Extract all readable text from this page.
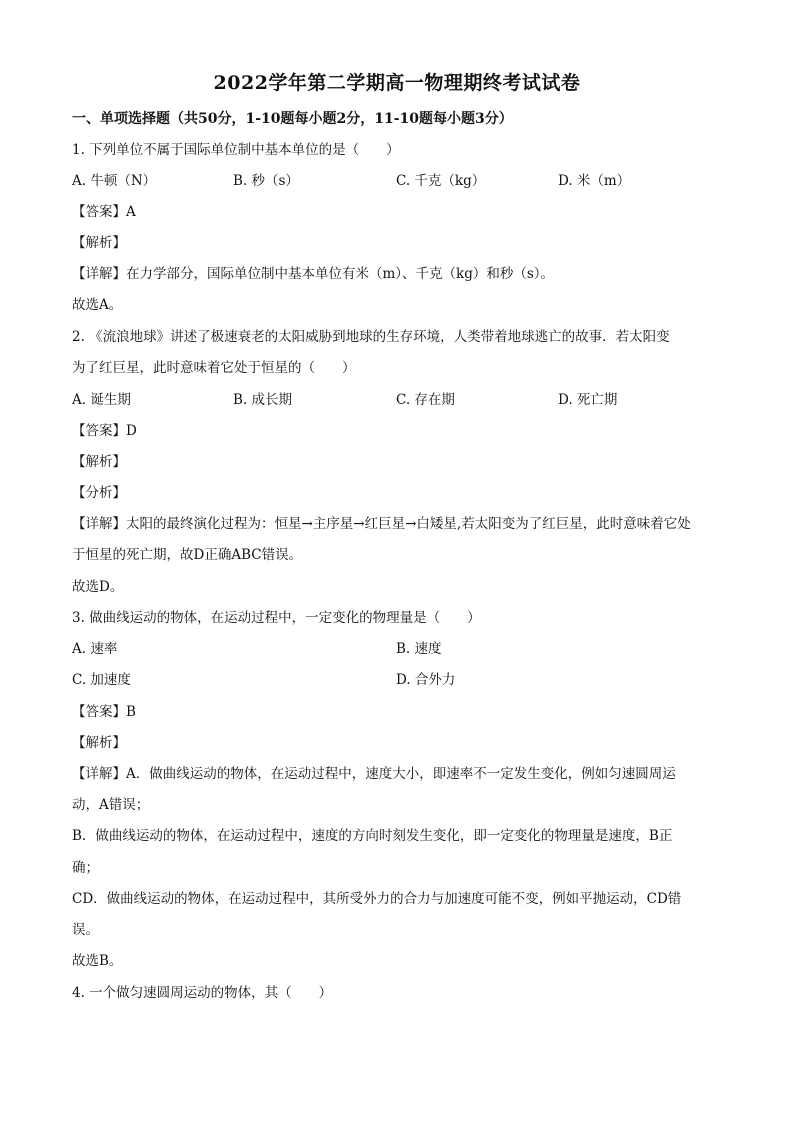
2022学年第二学期高一物理期终考试试卷
一、单项选择题（共50分，1-10题每小题2分，11-10题每小题3分）
1. 下列单位不属于国际单位制中基本单位的是（　　）
A. 牛顿（N）	B. 秒（s）	C. 千克（kg）	D. 米（m）
【答案】A
【解析】
【详解】在力学部分，国际单位制中基本单位有米（m）、千克（kg）和秒（s）。
故选A。
2. 《流浪地球》讲述了极速衰老的太阳威胁到地球的生存环境，人类带着地球逃亡的故事．若太阳变
为了红巨星，此时意味着它处于恒星的（　　）
A. 诞生期	B. 成长期	C. 存在期	D. 死亡期
【答案】D
【解析】
【分析】
【详解】太阳的最终演化过程为：恒星→主序星→红巨星→白矮星,若太阳变为了红巨星，此时意味着它处
于恒星的死亡期，故D正确ABC错误。
故选D。
3. 做曲线运动的物体，在运动过程中，一定变化的物理量是（　　）
A. 速率	B. 速度
C. 加速度	D. 合外力
【答案】B
【解析】
【详解】A．做曲线运动的物体，在运动过程中，速度大小，即速率不一定发生变化，例如匀速圆周运
动，A错误；
B．做曲线运动的物体，在运动过程中，速度的方向时刻发生变化，即一定变化的物理量是速度，B正
确；
CD．做曲线运动的物体，在运动过程中，其所受外力的合力与加速度可能不变，例如平抛运动，CD错
误。
故选B。
4. 一个做匀速圆周运动的物体，其（　　）
